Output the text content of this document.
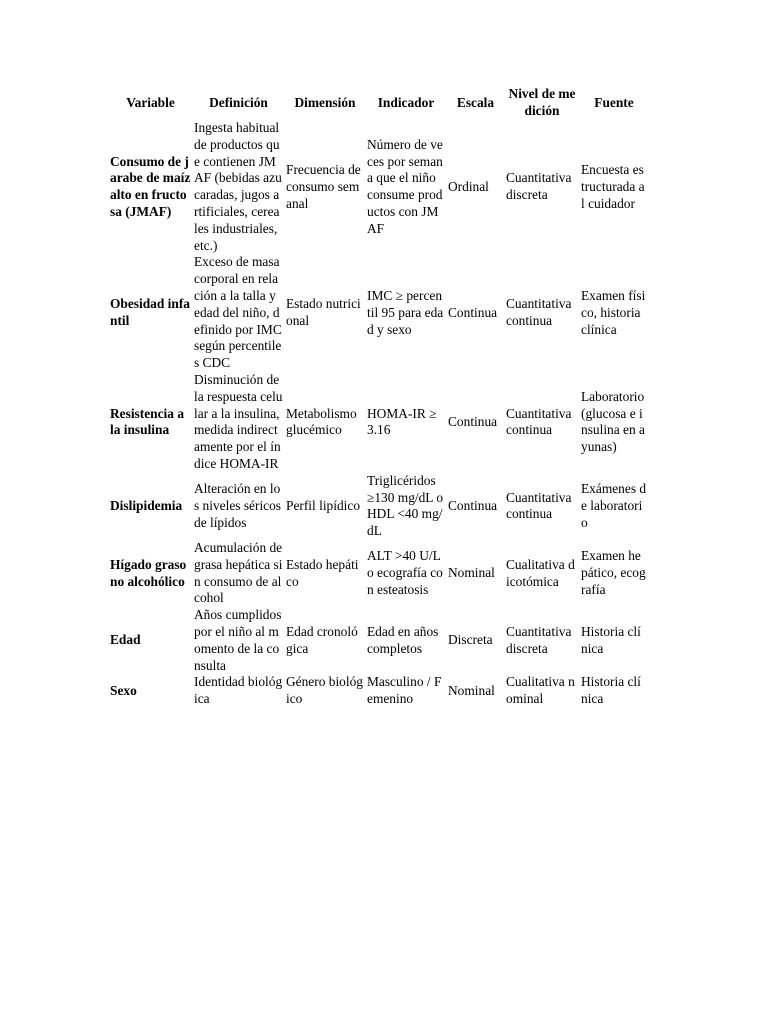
Variable	Definición	Dimensión	Indicador	Escala	Nivel de medición	Fuente
Consumo de jarabe de maíz alto en fructosa (JMAF)	Ingesta habitual de productos que contienen JMAF (bebidas azucaradas, jugos artificiales, cereales industriales, etc.)	Frecuencia de consumo semanal	Número de veces por semana que el niño consume productos con JMAF	Ordinal	Cuantitativa discreta	Encuesta estructurada al cuidador
Obesidad infantil	Exceso de masa corporal en relación a la talla y edad del niño, definido por IMC según percentiles CDC	Estado nutricional	IMC ≥ percentil 95 para edad y sexo	Continua	Cuantitativa continua	Examen físico, historia clínica
Resistencia a la insulina	Disminución de la respuesta celular a la insulina, medida indirectamente por el índice HOMA-IR	Metabolismo glucémico	HOMA-IR ≥ 3.16	Continua	Cuantitativa continua	Laboratorio (glucosa e insulina en ayunas)
Dislipidemia	Alteración en los niveles séricos de lípidos	Perfil lipídico	Triglicéridos ≥130 mg/dL o HDL <40 mg/dL	Continua	Cuantitativa continua	Exámenes de laboratorio
Hígado graso no alcohólico	Acumulación de grasa hepática sin consumo de alcohol	Estado hepático	ALT >40 U/L o ecografía con esteatosis	Nominal	Cualitativa dicotómica	Examen hepático, ecografía
Edad	Años cumplidos por el niño al momento de la consulta	Edad cronológica	Edad en años completos	Discreta	Cuantitativa discreta	Historia clínica
Sexo	Identidad biológica	Género biológico	Masculino / Femenino	Nominal	Cualitativa nominal	Historia clínica
